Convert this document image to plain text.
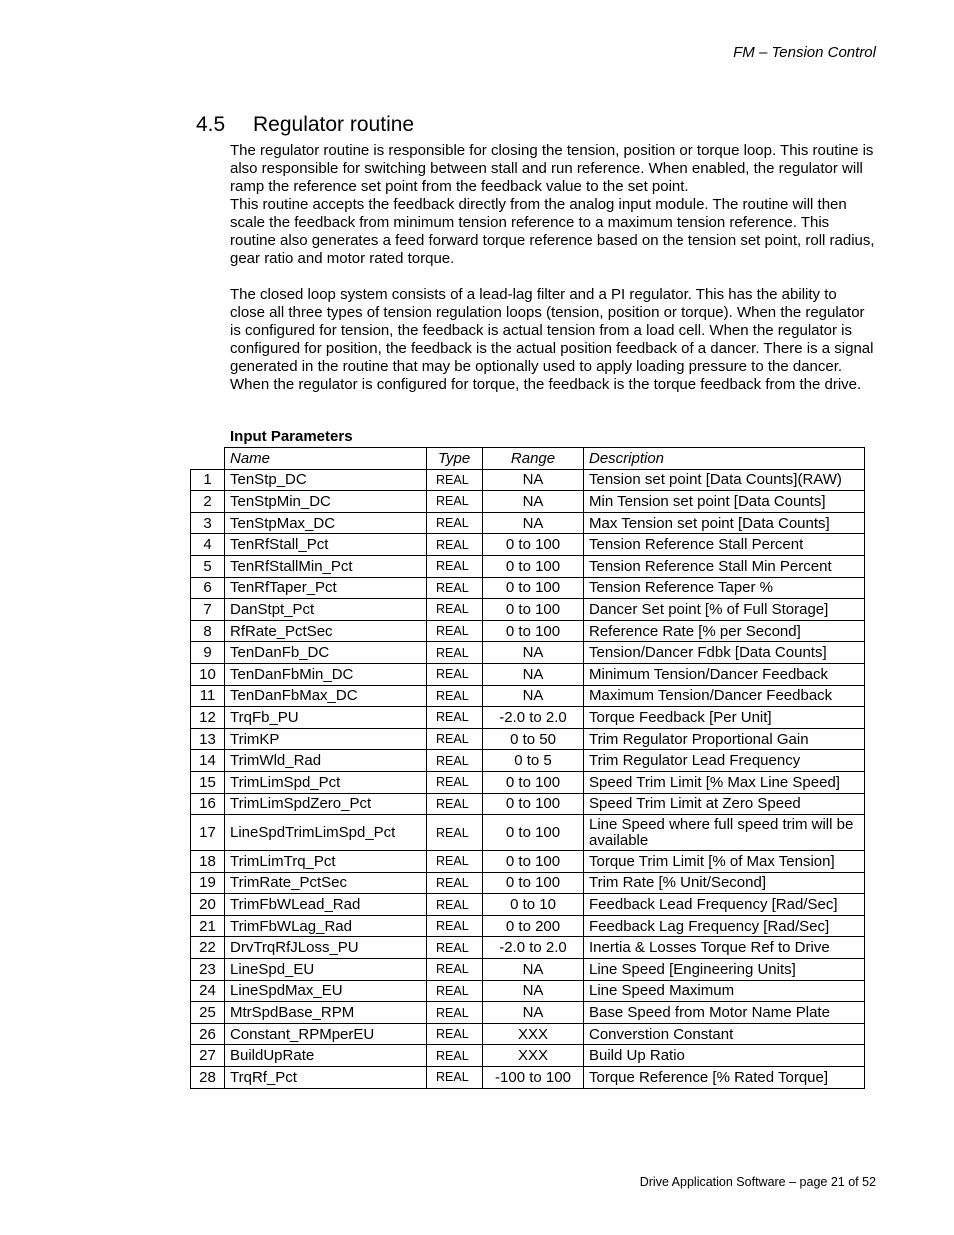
FM – Tension Control
4.5 Regulator routine

The regulator routine is responsible for closing the tension, position or torque loop. This routine is also responsible for switching between stall and run reference. When enabled, the regulator will ramp the reference set point from the feedback value to the set point.
This routine accepts the feedback directly from the analog input module. The routine will then scale the feedback from minimum tension reference to a maximum tension reference. This routine also generates a feed forward torque reference based on the tension set point, roll radius, gear ratio and motor rated torque.

The closed loop system consists of a lead-lag filter and a PI regulator. This has the ability to close all three types of tension regulation loops (tension, position or torque). When the regulator is configured for tension, the feedback is actual tension from a load cell. When the regulator is configured for position, the feedback is the actual position feedback of a dancer. There is a signal generated in the routine that may be optionally used to apply loading pressure to the dancer. When the regulator is configured for torque, the feedback is the torque feedback from the drive.

Input Parameters
	Name	Type	Range	Description
1	TenStp_DC	REAL	NA	Tension set point [Data Counts](RAW)
2	TenStpMin_DC	REAL	NA	Min Tension set point [Data Counts]
3	TenStpMax_DC	REAL	NA	Max Tension set point [Data Counts]
4	TenRfStall_Pct	REAL	0 to 100	Tension Reference Stall Percent
5	TenRfStallMin_Pct	REAL	0 to 100	Tension Reference Stall Min Percent
6	TenRfTaper_Pct	REAL	0 to 100	Tension Reference Taper %
7	DanStpt_Pct	REAL	0 to 100	Dancer Set point [% of Full Storage]
8	RfRate_PctSec	REAL	0 to 100	Reference Rate [% per Second]
9	TenDanFb_DC	REAL	NA	Tension/Dancer Fdbk [Data Counts]
10	TenDanFbMin_DC	REAL	NA	Minimum Tension/Dancer Feedback
11	TenDanFbMax_DC	REAL	NA	Maximum Tension/Dancer Feedback
12	TrqFb_PU	REAL	-2.0 to 2.0	Torque Feedback [Per Unit]
13	TrimKP	REAL	0 to 50	Trim Regulator Proportional Gain
14	TrimWld_Rad	REAL	0 to 5	Trim Regulator Lead Frequency
15	TrimLimSpd_Pct	REAL	0 to 100	Speed Trim Limit [% Max Line Speed]
16	TrimLimSpdZero_Pct	REAL	0 to 100	Speed Trim Limit at Zero Speed
17	LineSpdTrimLimSpd_Pct	REAL	0 to 100	Line Speed where full speed trim will be available
18	TrimLimTrq_Pct	REAL	0 to 100	Torque Trim Limit [% of Max Tension]
19	TrimRate_PctSec	REAL	0 to 100	Trim Rate [% Unit/Second]
20	TrimFbWLead_Rad	REAL	0 to 10	Feedback Lead Frequency [Rad/Sec]
21	TrimFbWLag_Rad	REAL	0 to 200	Feedback Lag Frequency [Rad/Sec]
22	DrvTrqRfJLoss_PU	REAL	-2.0 to 2.0	Inertia & Losses Torque Ref to Drive
23	LineSpd_EU	REAL	NA	Line Speed [Engineering Units]
24	LineSpdMax_EU	REAL	NA	Line Speed Maximum
25	MtrSpdBase_RPM	REAL	NA	Base Speed from Motor Name Plate
26	Constant_RPMperEU	REAL	XXX	Converstion Constant
27	BuildUpRate	REAL	XXX	Build Up Ratio
28	TrqRf_Pct	REAL	-100 to 100	Torque Reference [% Rated Torque]
Drive Application Software – page 21 of 52
